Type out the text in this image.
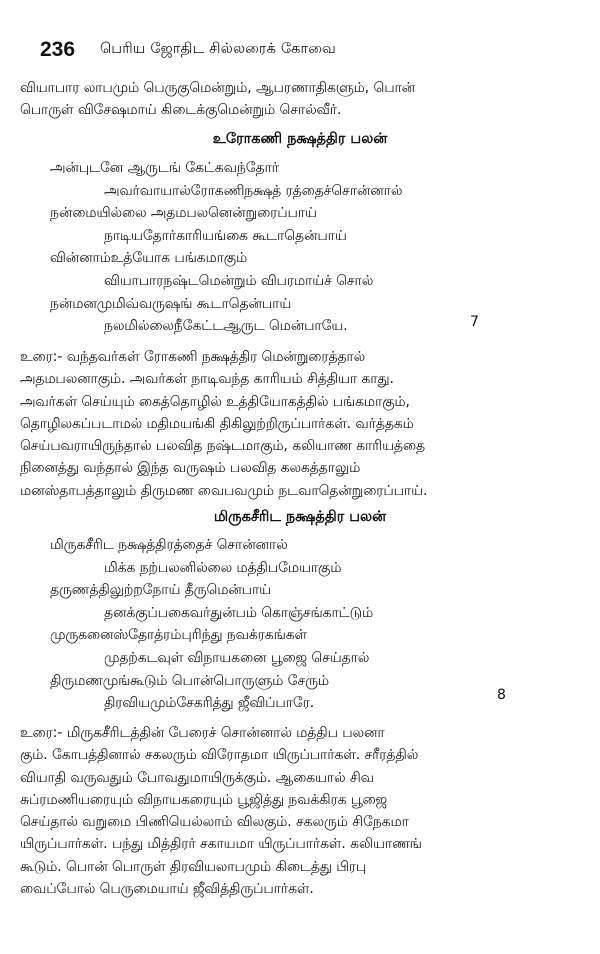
236 பெரிய ஜோதிட சில்லரைக் கோவை
வியாபார லாபமும் பெருகுமென்றும், ஆபரணாதிகளும், பொன்
பொருள் விசேஷமாய் கிடைக்குமென்றும் சொல்வீர்.
உரோகணி நக்ஷத்திர பலன்
அன்புடனே ஆருடங் கேட்கவந்தோர்
அவர்வாயால்ரோகணிநக்ஷத் ரத்தைச்சொன்னால்
நன்மையில்லை அதமபலனென்றுரைப்பாய்
நாடியதோர்காரியங்கை கூடாதென்பாய்
வின்னாம்உத்யோக பங்கமாகும்
வியாபாரநஷ்டமென்றும் விபரமாய்ச் சொல்
நன்மனமுமிவ்வருஷங் கூடாதென்பாய்
நலமில்லைநீகேட்டஆருட மென்பாயே.	7
உரை:- வந்தவர்கள் ரோகணி நக்ஷத்திர மென்றுரைத்தால்
அதமபலனாகும். அவர்கள் நாடிவந்த காரியம் சித்தியா காது.
அவர்கள் செய்யும் கைத்தொழில் உத்தியோகத்தில் பங்கமாகும்,
தொழிலகப்படாமல் மதிமயங்கி திகிலுற்றிருப்பார்கள். வர்த்தகம்
செய்பவராயிருந்தால் பலவித நஷ்டமாகும், கலியாண காரியத்தை
நினைத்து வந்தால் இந்த வருஷம் பலவித கலகத்தாலும்
மனஸ்தாபத்தாலும் திருமண வைபவமும் நடவாதென்றுரைப்பாய்.
மிருகசீரிட நக்ஷத்திர பலன்
மிருகசீரிட நக்ஷத்திரத்தைச் சொன்னால்
மிக்க நற்பலனில்லை மத்திபமேயாகும்
தருணத்திலுற்றநோய் தீருமென்பாய்
தனக்குப்பகைவர்துன்பம் கொஞ்சங்காட்டும்
முருகனைஸ்தோத்ரம்புரிந்து நவக்ரகங்கள்
முதற்கடவுள் விநாயகனை பூஜை செய்தால்
திருமணமுங்கூடும் பொன்பொருளும் சேரும்
திரவியமும்சேகரித்து ஜீவிப்பாரே.
8
உரை:- மிருகசீரிடத்தின் பேரைச் சொன்னால் மத்திப பலனா
கும். கோபத்தினால் சகலரும் விரோதமா யிருப்பார்கள். சரீரத்தில்
வியாதி வருவதும் போவதுமாயிருக்கும். ஆகையால் சிவ
சுப்ரமணியரையும் விநாயகரையும் பூஜித்து நவக்கிரக பூஜை
செய்தால் வறுமை பிணியெல்லாம் விலகும். சகலரும் சிநேகமா
யிருப்பார்கள். பந்து மித்திரர் சகாயமா யிருப்பார்கள். கலியாணங்
கூடும். பொன் பொருள் திரவியலாபமும் கிடைத்து பிரபு
வைப்போல் பெருமையாய் ஜீவித்திருப்பார்கள்.
